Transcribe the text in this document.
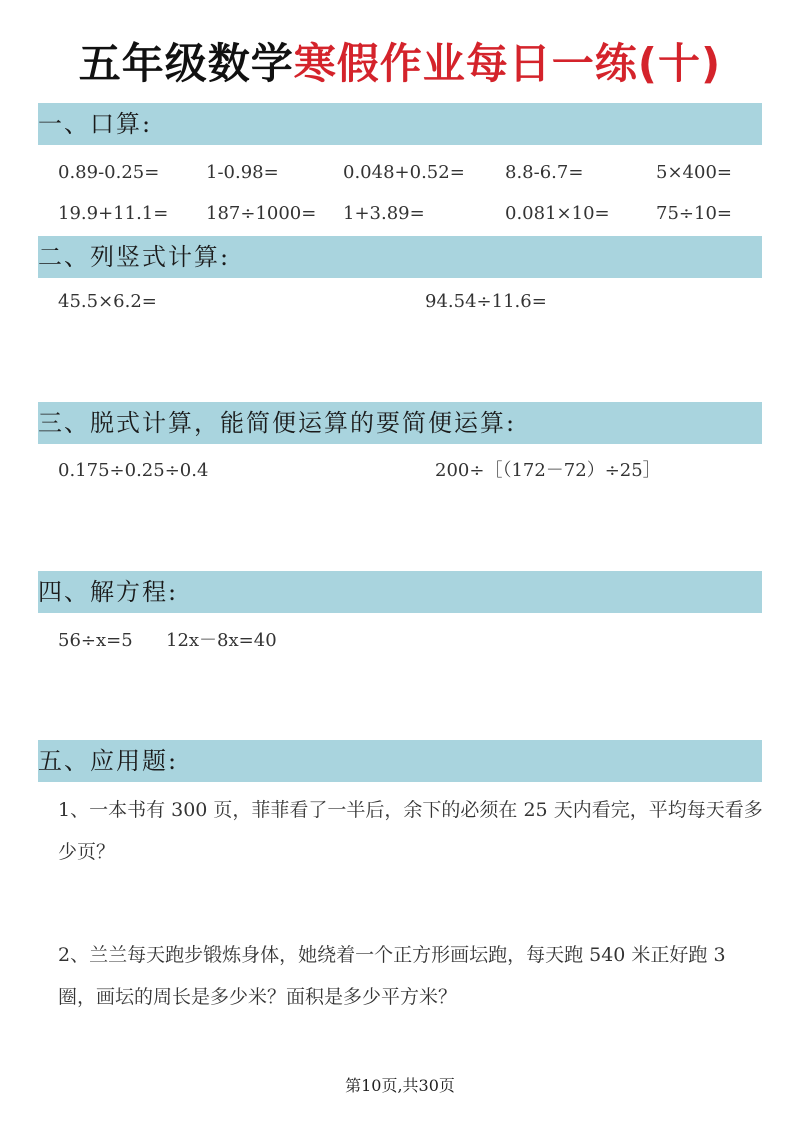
五年级数学寒假作业每日一练(十)
一、口算:
0.89-0.25=	1-0.98=	0.048+0.52= 8.8-6.7=	5×400=
19.9+11.1= 187÷1000= 1+3.89=	0.081×10=	75÷10=
二、列竖式计算:
45.5×6.2=	94.54÷11.6=
三、脱式计算，能简便运算的要简便运算:
0.175÷0.25÷0.4	200÷［（172－72）÷25］
四、解方程:
56÷x=5 12x－8x=40
五、应用题:
1、一本书有 300 页，菲菲看了一半后，余下的必须在 25 天内看完，平均每天看多少页？
2、兰兰每天跑步锻炼身体，她绕着一个正方形画坛跑，每天跑 540 米正好跑 3 圈，画坛的周长是多少米？面积是多少平方米？
第10页,共30页
